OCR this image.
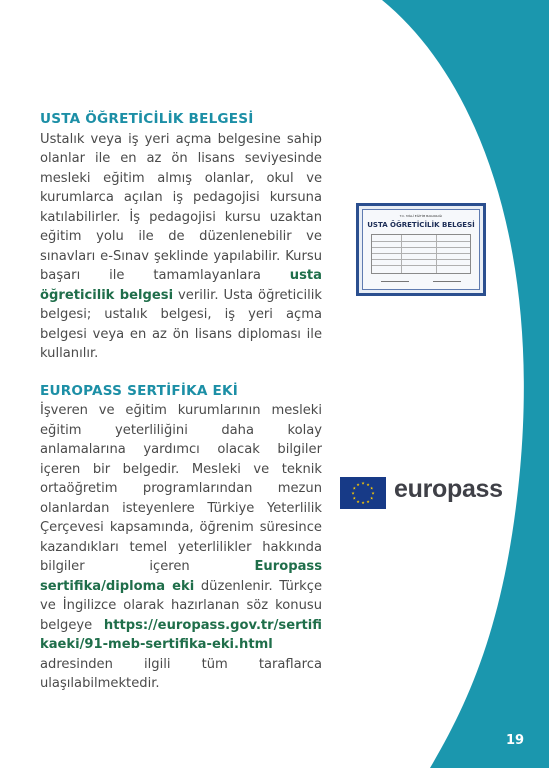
USTA ÖĞRETİCİLİK BELGESİ

Ustalık veya iş yeri açma belgesine sahip olanlar ile en az ön lisans seviyesinde mesleki eğitim almış olanlar, okul ve kurumlarca açılan iş pedagojisi kursuna katılabilirler. İş pedagojisi kursu uzaktan eğitim yolu ile de düzenlenebilir ve sınavları e-Sınav şeklinde yapılabilir. Kursu başarı ile tamamlayanlara usta öğreticilik belgesi verilir. Usta öğreticilik belgesi; ustalık belgesi, iş yeri açma belgesi veya en az ön lisans diploması ile kullanılır.

EUROPASS SERTİFİKA EKİ

İşveren ve eğitim kurumlarının mesleki eğitim yeterliliğini daha kolay anlamalarına yardımcı olacak bilgiler içeren bir belgedir. Mesleki ve teknik ortaöğretim programlarından mezun olanlardan isteyenlere Türkiye Yeterlilik Çerçevesi kapsamında, öğrenim süresince kazandıkları temel yeterlilikler hakkında bilgiler içeren Europass sertifika/diploma eki düzenlenir. Türkçe ve İngilizce olarak hazırlanan söz konusu belgeye https://europass.gov.tr/sertifikaeki/91-meb-sertifika-eki.html adresinden ilgili tüm taraflarca ulaşılabilmektedir.

T.C. MİLLÎ EĞİTİM BAKANLIĞI
USTA ÖĞRETİCİLİK BELGESİ
★ ★
★
★
★
★
★
★
★
★
★
★ europass
19
